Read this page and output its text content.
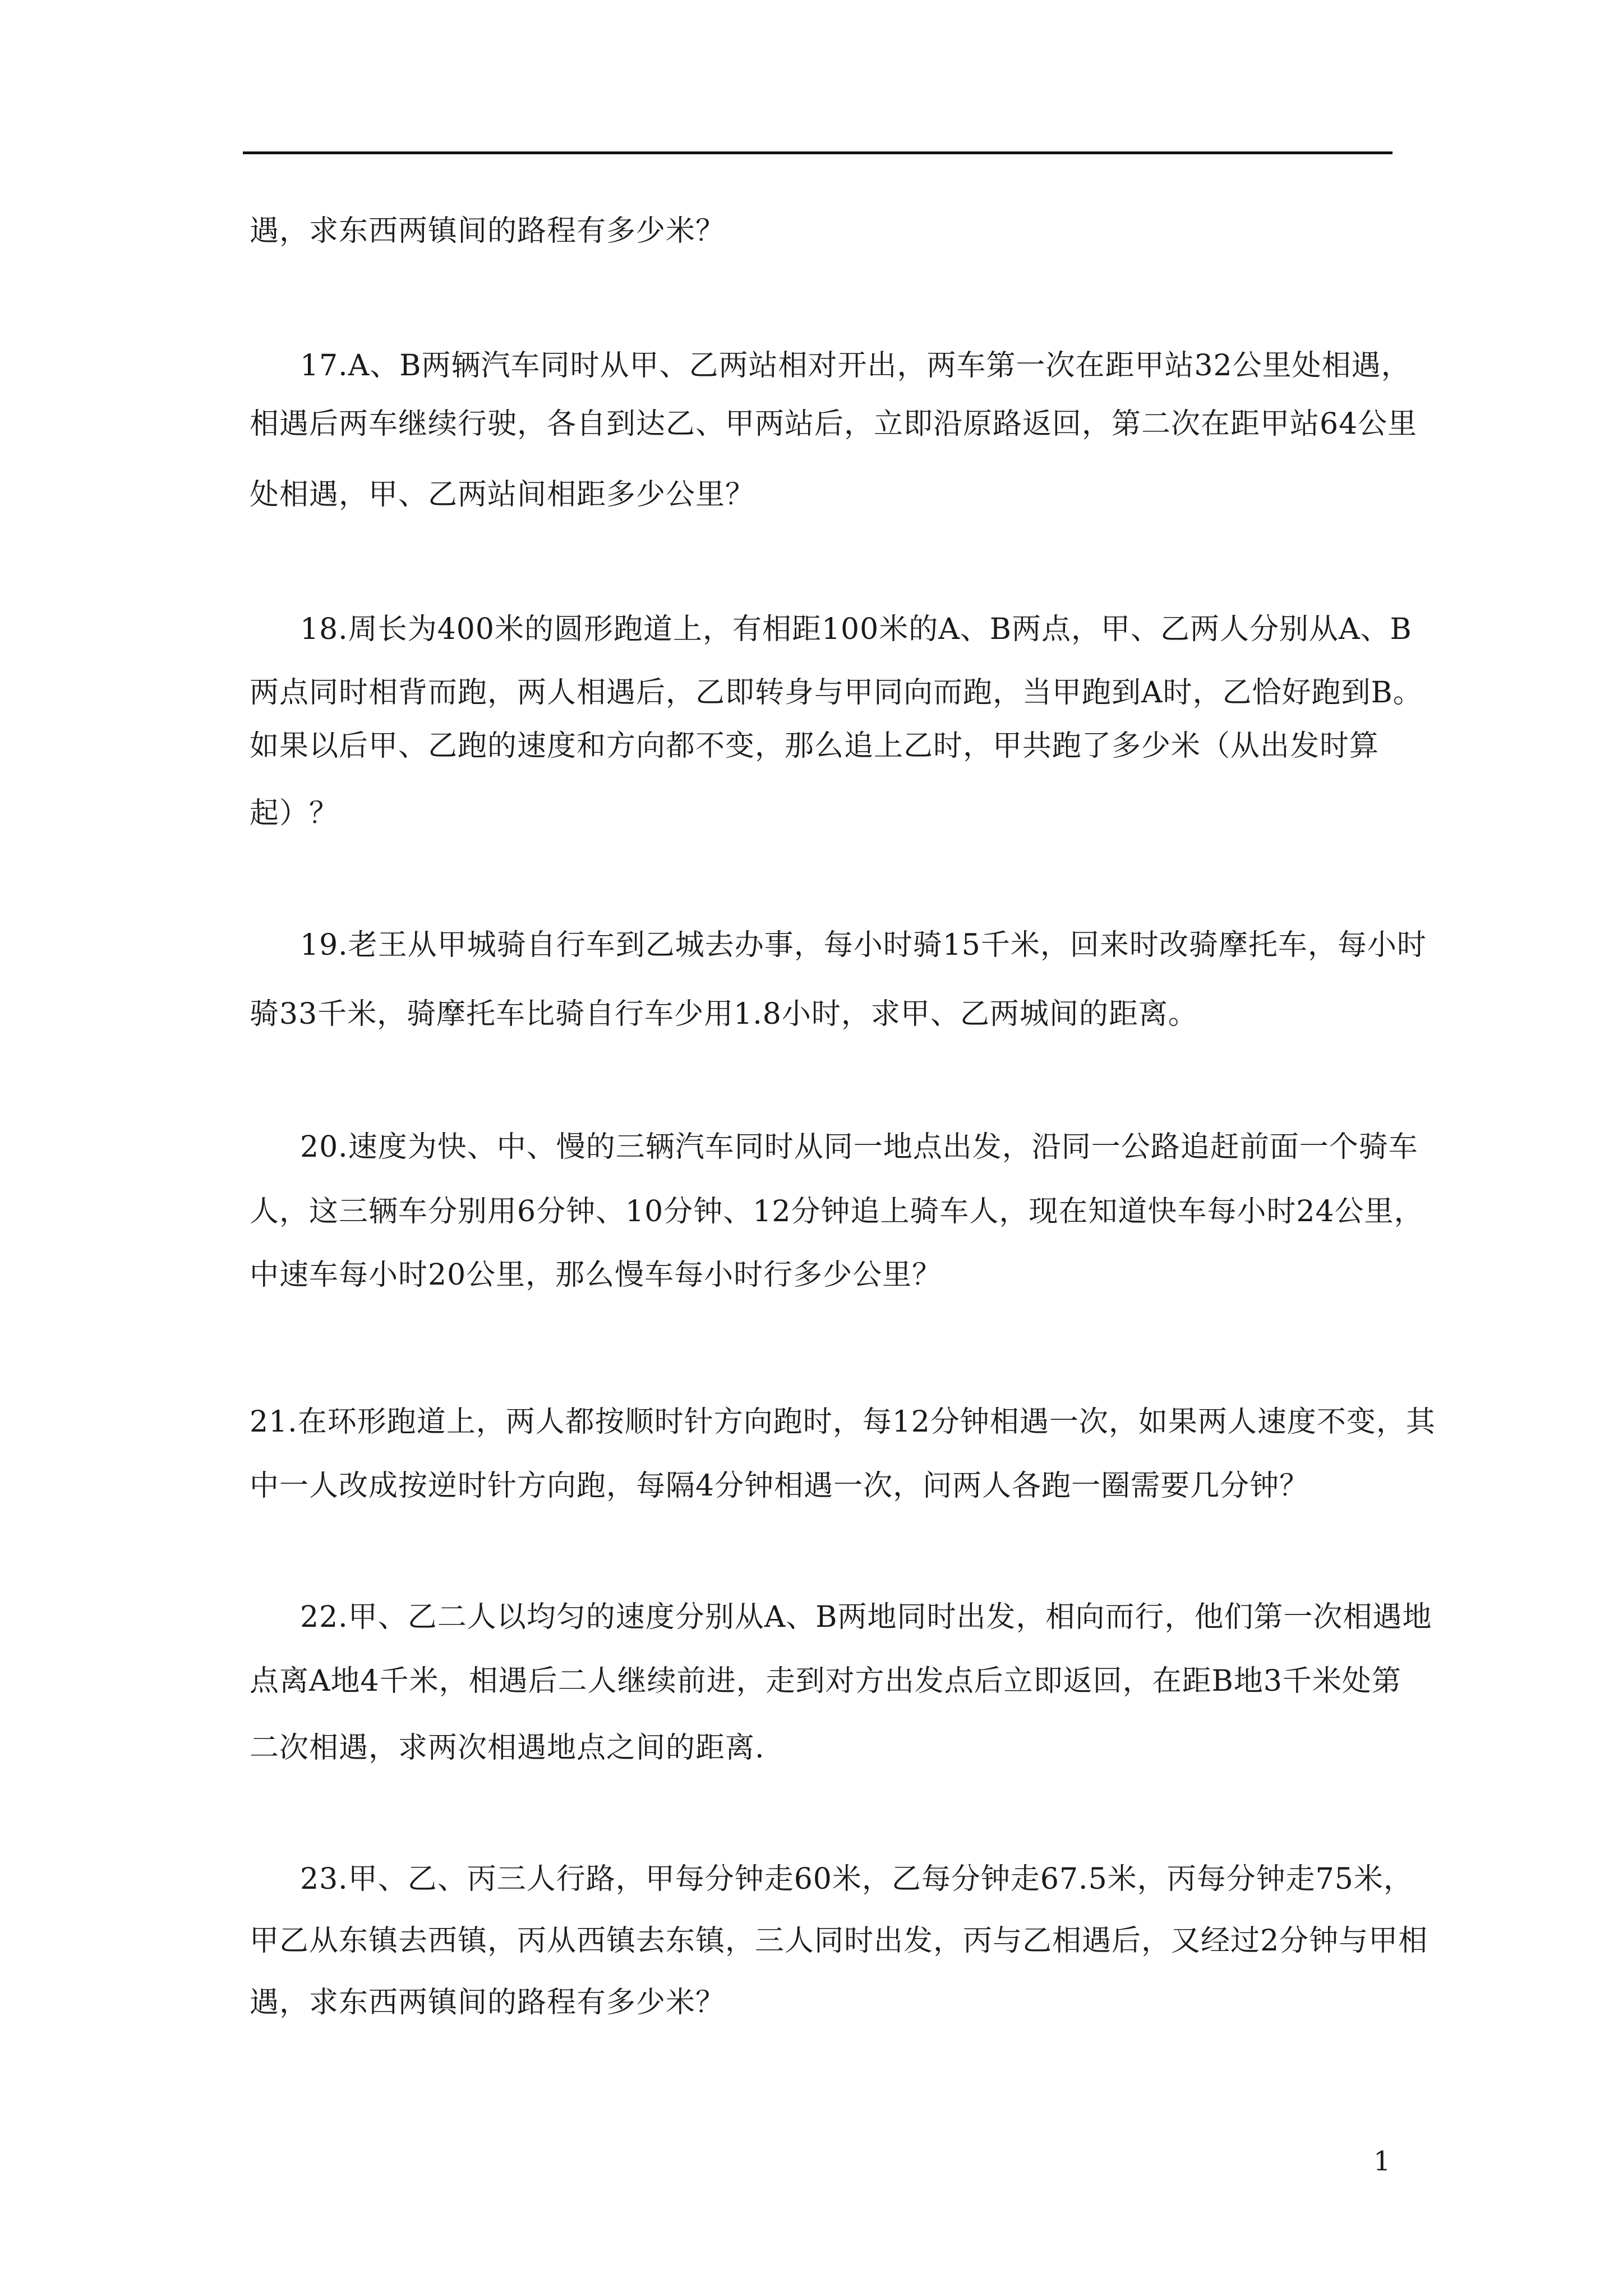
遇，求东西两镇间的路程有多少米？
17.A、B两辆汽车同时从甲、乙两站相对开出，两车第一次在距甲站32公里处相遇，
相遇后两车继续行驶，各自到达乙、甲两站后，立即沿原路返回，第二次在距甲站64公里
处相遇，甲、乙两站间相距多少公里？
18.周长为400米的圆形跑道上，有相距100米的A、B两点，甲、乙两人分别从A、B
两点同时相背而跑，两人相遇后，乙即转身与甲同向而跑，当甲跑到A时，乙恰好跑到B。
如果以后甲、乙跑的速度和方向都不变，那么追上乙时，甲共跑了多少米（从出发时算
起）？
19.老王从甲城骑自行车到乙城去办事，每小时骑15千米，回来时改骑摩托车，每小时
骑33千米，骑摩托车比骑自行车少用1.8小时，求甲、乙两城间的距离。
20.速度为快、中、慢的三辆汽车同时从同一地点出发，沿同一公路追赶前面一个骑车
人，这三辆车分别用6分钟、10分钟、12分钟追上骑车人，现在知道快车每小时24公里，
中速车每小时20公里，那么慢车每小时行多少公里？
21.在环形跑道上，两人都按顺时针方向跑时，每12分钟相遇一次，如果两人速度不变，其
中一人改成按逆时针方向跑，每隔4分钟相遇一次，问两人各跑一圈需要几分钟？
22.甲、乙二人以均匀的速度分别从A、B两地同时出发，相向而行，他们第一次相遇地
点离A地4千米，相遇后二人继续前进，走到对方出发点后立即返回，在距B地3千米处第
二次相遇，求两次相遇地点之间的距离.
23.甲、乙、丙三人行路，甲每分钟走60米，乙每分钟走67.5米，丙每分钟走75米，
甲乙从东镇去西镇，丙从西镇去东镇，三人同时出发，丙与乙相遇后，又经过2分钟与甲相
遇，求东西两镇间的路程有多少米？
1
